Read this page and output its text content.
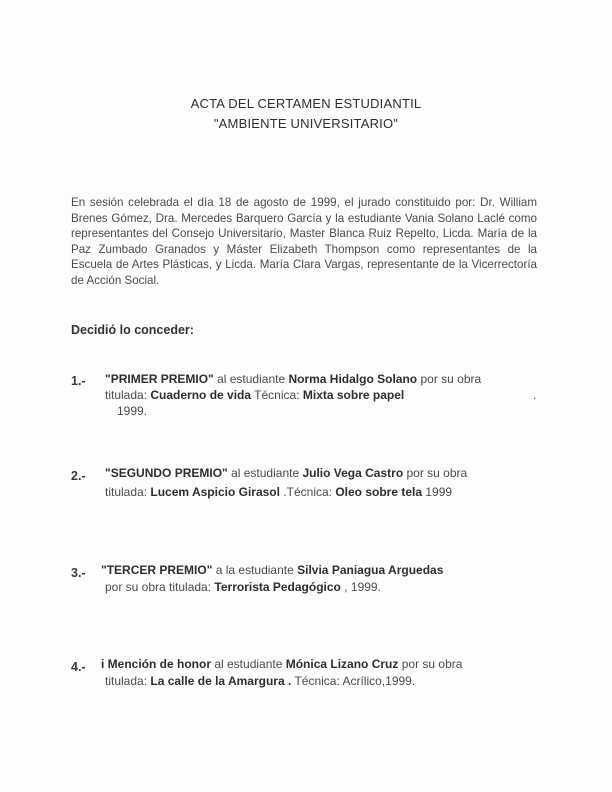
ACTA DEL CERTAMEN ESTUDIANTIL
"AMBIENTE UNIVERSITARIO"
En sesión celebrada el día 18 de agosto de 1999, el jurado constituido por: Dr. William Brenes Gómez, Dra. Mercedes Barquero García y la estudiante Vania Solano Laclé como representantes del Consejo Universitario, Master Blanca Ruiz Repelto, Licda. María de la Paz Zumbado Granados y Máster Elizabeth Thompson como representantes de la Escuela de Artes Plásticas, y Licda. María Clara Vargas, representante de la Vicerrectoría de Acción Social.
Decidió lo conceder:
1.- "PRIMER PREMIO" al estudiante Norma Hidalgo Solano por su obra
titulada: Cuaderno de vida Técnica: Mixta sobre papel	.
1999.
2.- "SEGUNDO PREMIO" al estudiante Julio Vega Castro por su obra
titulada: Lucem Aspicio Girasol .Técnica: Oleo sobre tela 1999
3.- "TERCER PREMIO" a la estudiante Silvia Paniagua Arguedas
por su obra titulada: Terrorista Pedagógico , 1999.
4.- i Mención de honor al estudiante Mónica Lizano Cruz por su obra
titulada: La calle de la Amargura . Técnica: Acrílico,1999.
